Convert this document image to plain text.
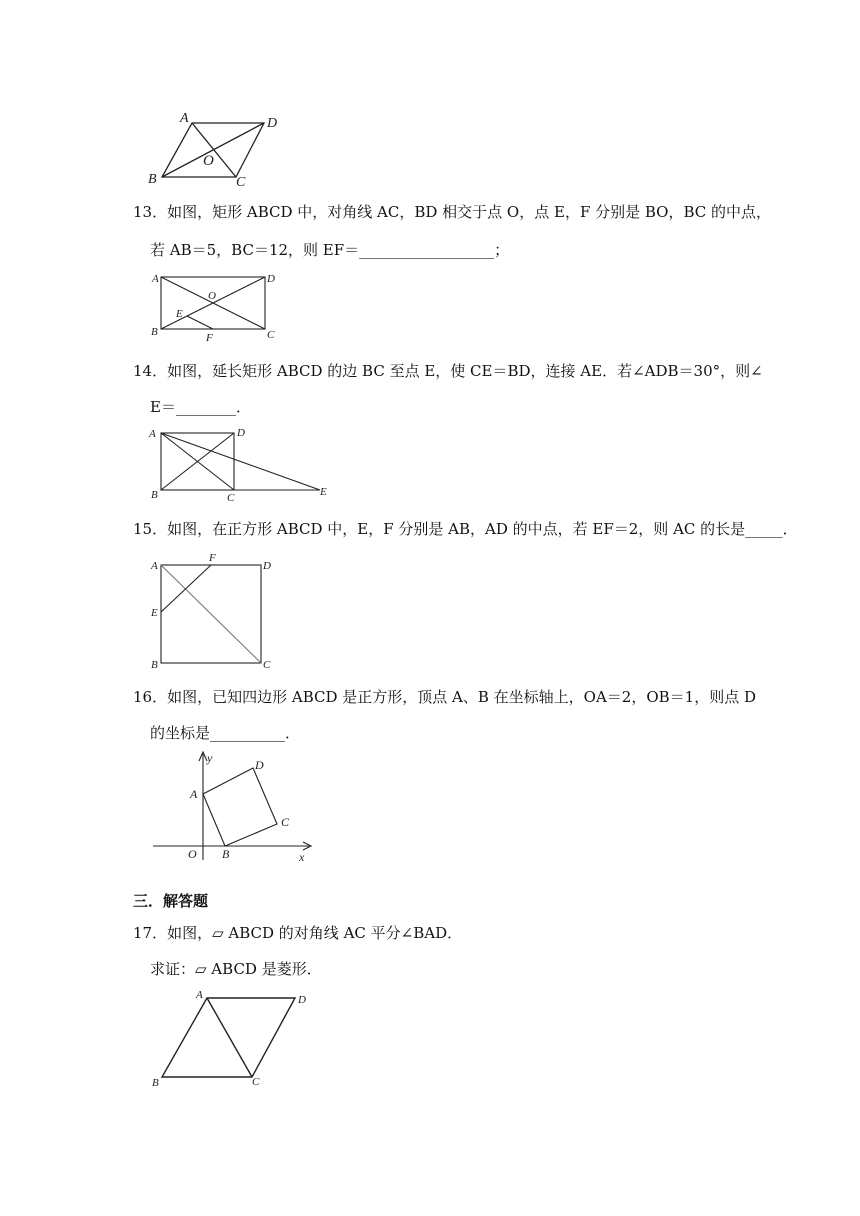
A	D
O
B	C
13．如图，矩形 ABCD 中，对角线 AC，BD 相交于点 O，点 E，F 分别是 BO，BC 的中点，
若 AB＝5，BC＝12，则 EF＝__________________；
A	D
O
E
B	F	C
14．如图，延长矩形 ABCD 的边 BC 至点 E，使 CE＝BD，连接 AE．若∠ADB＝30°，则∠
E＝________．
A	D
B	C	E
15．如图，在正方形 ABCD 中，E，F 分别是 AB，AD 的中点，若 EF＝2，则 AC 的长是_____．
F
A	D
E
B	C
16．如图，已知四边形 ABCD 是正方形，顶点 A、B 在坐标轴上，OA＝2，OB＝1，则点 D
的坐标是__________．
y	D
A
C
O B	x
三．解答题
17．如图，▱ ABCD 的对角线 AC 平分∠BAD．
求证：▱ ABCD 是菱形．
A	D
B	C
